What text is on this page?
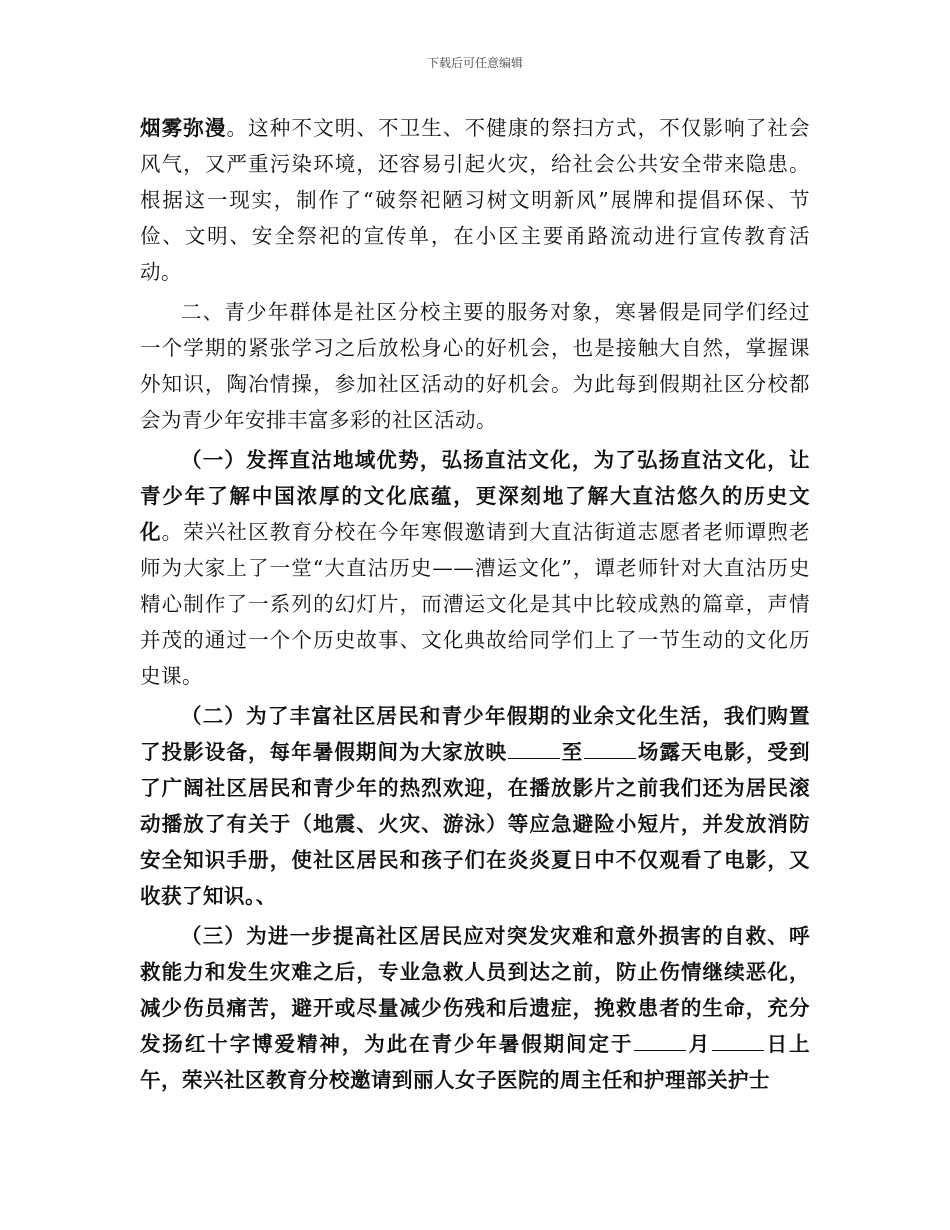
下载后可任意编辑

烟雾弥漫。这种不文明、不卫生、不健康的祭扫方式，不仅影响了社会风气，又严重污染环境，还容易引起火灾，给社会公共安全带来隐患。根据这一现实，制作了“破祭祀陋习树文明新风”展牌和提倡环保、节俭、文明、安全祭祀的宣传单，在小区主要甬路流动进行宣传教育活动。

二、青少年群体是社区分校主要的服务对象，寒暑假是同学们经过一个学期的紧张学习之后放松身心的好机会，也是接触大自然，掌握课外知识，陶冶情操，参加社区活动的好机会。为此每到假期社区分校都会为青少年安排丰富多彩的社区活动。

（一）发挥直沽地域优势，弘扬直沽文化，为了弘扬直沽文化，让青少年了解中国浓厚的文化底蕴，更深刻地了解大直沽悠久的历史文化。荣兴社区教育分校在今年寒假邀请到大直沽街道志愿者老师谭煦老师为大家上了一堂“大直沽历史——漕运文化”，谭老师针对大直沽历史精心制作了一系列的幻灯片，而漕运文化是其中比较成熟的篇章，声情并茂的通过一个个历史故事、文化典故给同学们上了一节生动的文化历史课。

（二）为了丰富社区居民和青少年假期的业余文化生活，我们购置了投影设备，每年暑假期间为大家放映	至	场露天电影，受到了广阔社区居民和青少年的热烈欢迎，在播放影片之前我们还为居民滚动播放了有关于（地震、火灾、游泳）等应急避险小短片，并发放消防安全知识手册，使社区居民和孩子们在炎炎夏日中不仅观看了电影，又收获了知识。、

（三）为进一步提高社区居民应对突发灾难和意外损害的自救、呼救能力和发生灾难之后，专业急救人员到达之前，防止伤情继续恶化，减少伤员痛苦，避开或尽量减少伤残和后遗症，挽救患者的生命，充分发扬红十字博爱精神，为此在青少年暑假期间定于	月	日上午，荣兴社区教育分校邀请到丽人女子医院的周主任和护理部关护士
